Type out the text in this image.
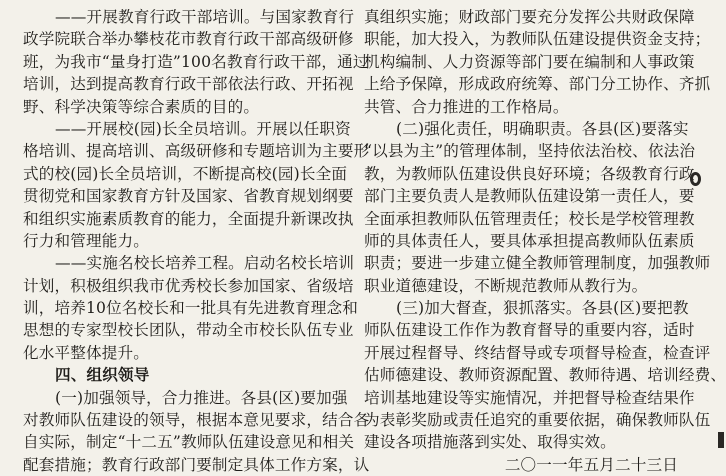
——开展教育行政干部培训。与国家教育行
政学院联合举办攀枝花市教育行政干部高级研修
班，为我市“量身打造”100名教育行政干部，通过
培训，达到提高教育行政干部依法行政、开拓视
野、科学决策等综合素质的目的。
——开展校(园)长全员培训。开展以任职资
格培训、提高培训、高级研修和专题培训为主要形
式的校(园)长全员培训，不断提高校(园)长全面
贯彻党和国家教育方针及国家、省教育规划纲要
和组织实施素质教育的能力，全面提升新课改执
行力和管理能力。
——实施名校长培养工程。启动名校长培训
计划，积极组织我市优秀校长参加国家、省级培
训，培养10位名校长和一批具有先进教育理念和
思想的专家型校长团队，带动全市校长队伍专业
化水平整体提升。
四、组织领导
(一)加强领导，合力推进。各县(区)要加强
对教师队伍建设的领导，根据本意见要求，结合各
自实际，制定“十二五”教师队伍建设意见和相关
配套措施；教育行政部门要制定具体工作方案，认
真组织实施；财政部门要充分发挥公共财政保障
职能，加大投入，为教师队伍建设提供资金支持；
机构编制、人力资源等部门要在编制和人事政策
上给予保障，形成政府统筹、部门分工协作、齐抓
共管、合力推进的工作格局。
(二)强化责任，明确职责。各县(区)要落实
“以县为主”的管理体制，坚持依法治校、依法治
教，为教师队伍建设供良好环境；各级教育行政
部门主要负责人是教师队伍建设第一责任人，要
全面承担教师队伍管理责任；校长是学校管理教
师的具体责任人，要具体承担提高教师队伍素质
职责；要进一步建立健全教师管理制度，加强教师
职业道德建设，不断规范教师从教行为。
(三)加大督查，狠抓落实。各县(区)要把教
师队伍建设工作作为教育督导的重要内容，适时
开展过程督导、终结督导或专项督导检查，检查评
估师德建设、教师资源配置、教师待遇、培训经费、
培训基地建设等实施情况，并把督导检查结果作
为表彰奖励或责任追究的重要依据，确保教师队伍
建设各项措施落到实处、取得实效。
二〇一一年五月二十三日
